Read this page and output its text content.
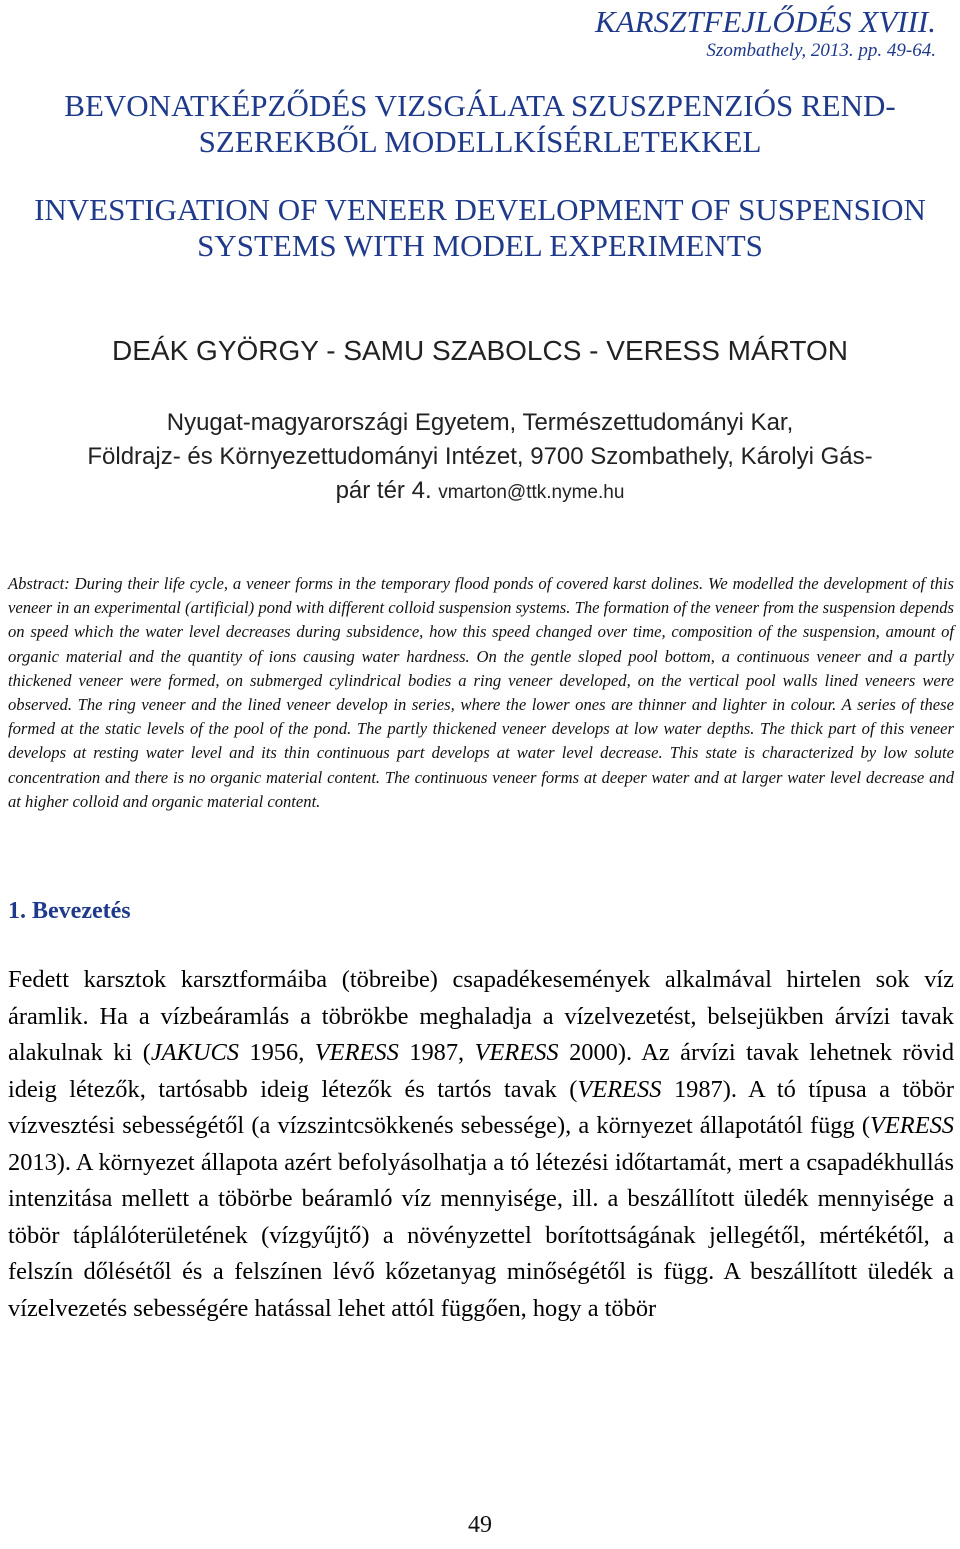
KARSZTFEJLŐDÉS XVIII.
Szombathely, 2013. pp. 49-64.
BEVONATKÉPZŐDÉS VIZSGÁLATA SZUSZPENZIÓS REND-
SZEREKBŐL MODELLKÍSÉRLETEKKEL
INVESTIGATION OF VENEER DEVELOPMENT OF SUSPENSION
SYSTEMS WITH MODEL EXPERIMENTS
DEÁK GYÖRGY - SAMU SZABOLCS - VERESS MÁRTON
Nyugat-magyarországi Egyetem, Természettudományi Kar,
Földrajz- és Környezettudományi Intézet, 9700 Szombathely, Károlyi Gás-
pár tér 4. vmarton@ttk.nyme.hu

Abstract: During their life cycle, a veneer forms in the temporary flood ponds of covered karst dolines. We modelled the development of this veneer in an experimental (artificial) pond with different colloid suspension systems. The formation of the veneer from the suspension depends on speed which the water level decreases during subsidence, how this speed changed over time, composition of the suspension, amount of organic material and the quantity of ions causing water hardness. On the gentle sloped pool bottom, a continuous veneer and a partly thickened veneer were formed, on submerged cylindrical bodies a ring veneer developed, on the vertical pool walls lined veneers were observed. The ring veneer and the lined veneer develop in series, where the lower ones are thinner and lighter in colour. A series of these formed at the static levels of the pool of the pond. The partly thickened veneer develops at low water depths. The thick part of this veneer develops at resting water level and its thin continuous part develops at water level decrease. This state is characterized by low solute concentration and there is no organic material content. The continuous veneer forms at deeper water and at larger water level decrease and at higher colloid and organic material content.

1. Bevezetés

Fedett karsztok karsztformáiba (töbreibe) csapadékesemények alkalmával hirtelen sok víz áramlik. Ha a vízbeáramlás a töbrökbe meghaladja a vízelvezetést, belsejükben árvízi tavak alakulnak ki (JAKUCS 1956, VERESS 1987, VERESS 2000). Az árvízi tavak lehetnek rövid ideig létezők, tartósabb ideig létezők és tartós tavak (VERESS 1987). A tó típusa a töbör vízvesztési sebességétől (a vízszintcsökkenés sebessége), a környezet állapotától függ (VERESS 2013). A környezet állapota azért befolyásolhatja a tó létezési időtartamát, mert a csapadékhullás intenzitása mellett a töbörbe beáramló víz mennyisége, ill. a beszállított üledék mennyisége a töbör táplálóterületének (vízgyűjtő) a növényzettel borítottságának jellegétől, mértékétől, a felszín dőlésétől és a felszínen lévő kőzetanyag minőségétől is függ. A beszállított üledék a vízelvezetés sebességére hatással lehet attól függően, hogy a töbör

49
